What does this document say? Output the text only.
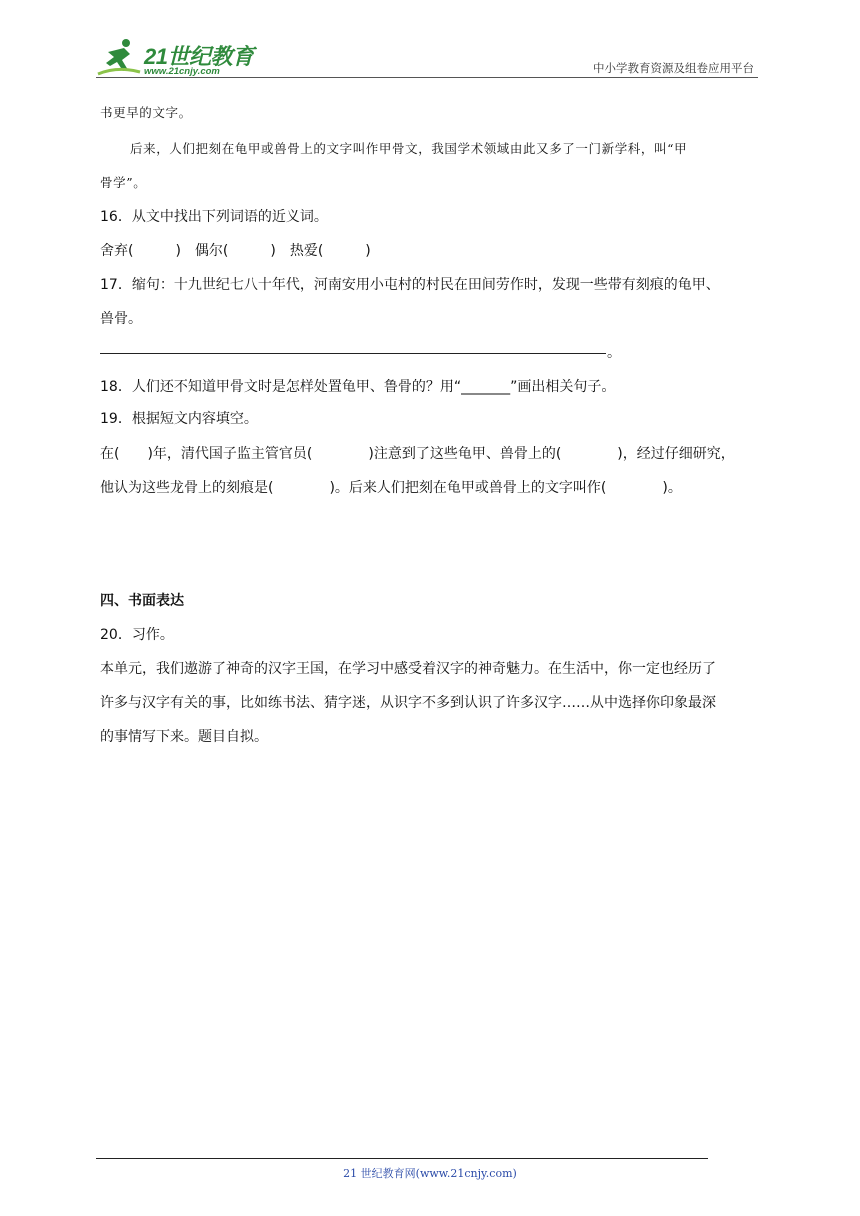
21世纪教育
www.21cnjy.com	中小学教育资源及组卷应用平台
书更早的文字。
后来，人们把刻在龟甲或兽骨上的文字叫作甲骨文，我国学术领域由此又多了一门新学科，叫“甲
骨学”。
16．从文中找出下列词语的近义词。
舍弃(　　　)　偶尔(　　　)　热爱(　　　)
17．缩句：十九世纪七八十年代，河南安用小屯村的村民在田间劳作时，发现一些带有刻痕的龟甲、
兽骨。
。
18．人们还不知道甲骨文时是怎样处置龟甲、鲁骨的？用“_______”画出相关句子。
19．根据短文内容填空。
在(　　)年，清代国子监主管官员(　　　　)注意到了这些龟甲、兽骨上的(　　　　)，经过仔细研究，
他认为这些龙骨上的刻痕是(　　　　)。后来人们把刻在龟甲或兽骨上的文字叫作(　　　　)。
四、书面表达
20．习作。
本单元，我们遨游了神奇的汉字王国，在学习中感受着汉字的神奇魅力。在生活中，你一定也经历了
许多与汉字有关的事，比如练书法、猜字迷，从识字不多到认识了许多汉字……从中选择你印象最深
的事情写下来。题目自拟。
21 世纪教育网(www.21cnjy.com)
